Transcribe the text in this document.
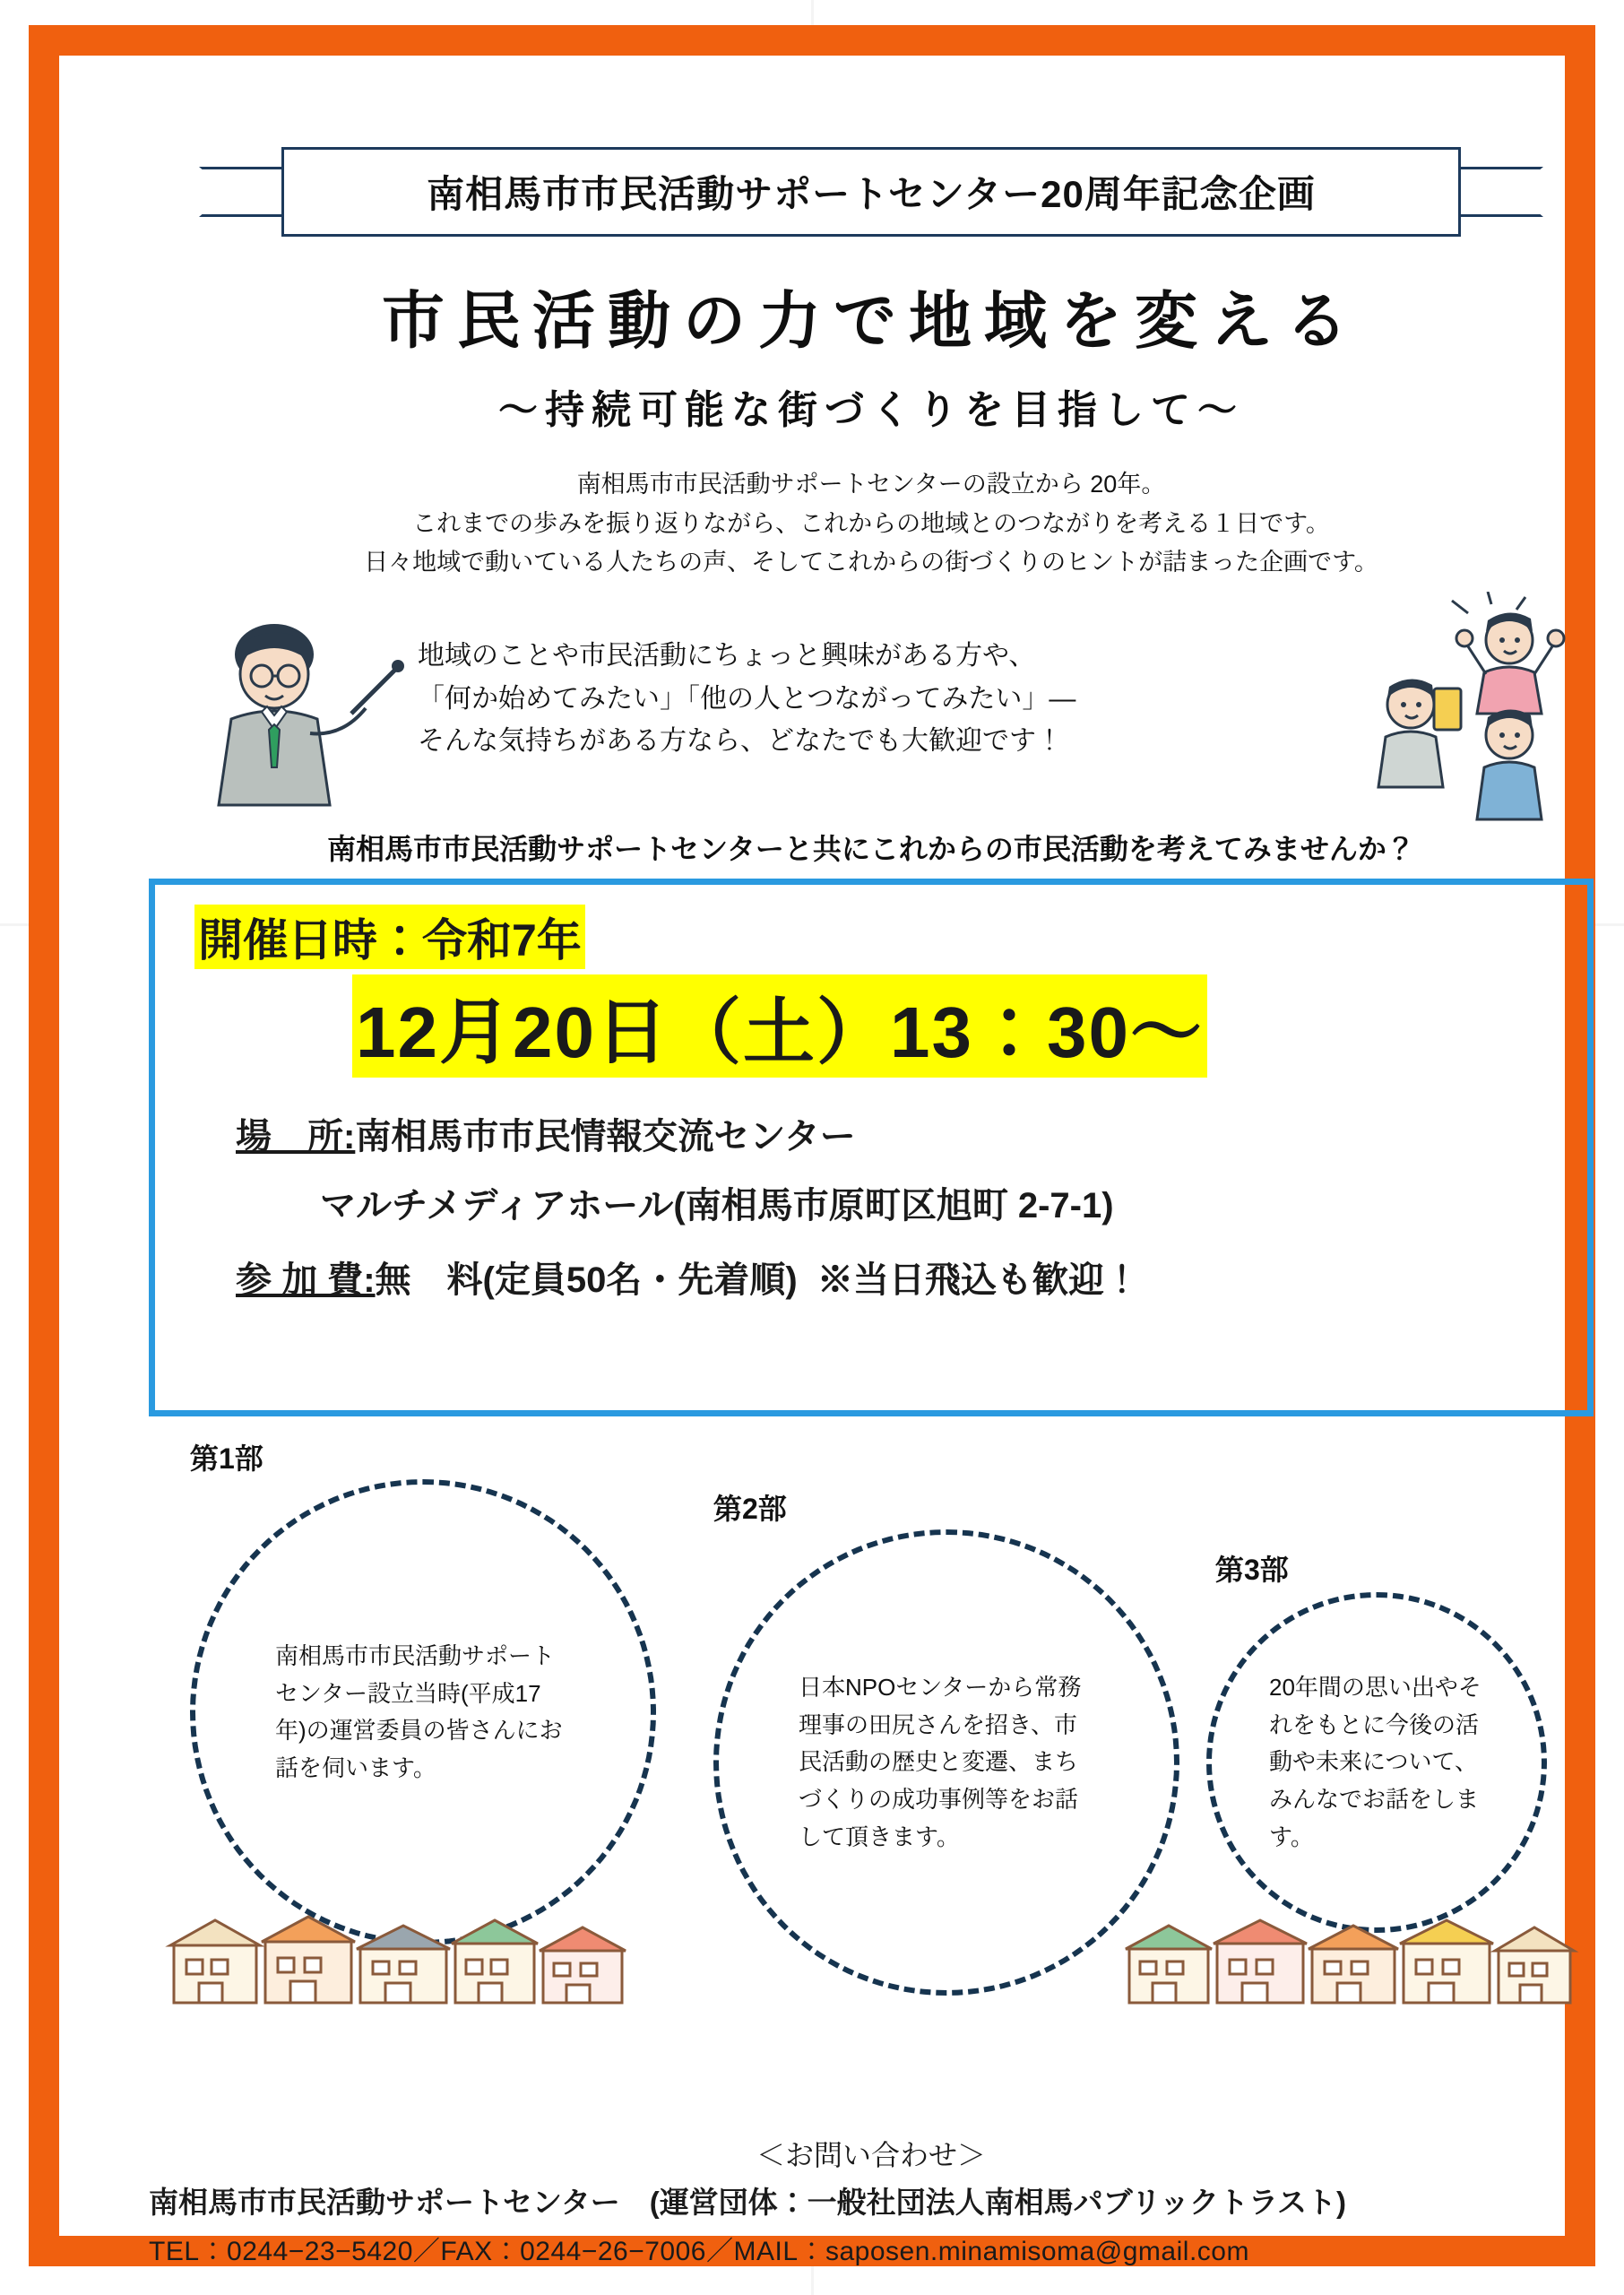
南相馬市市民活動サポートセンター20周年記念企画
市民活動の力で地域を変える
〜持続可能な街づくりを目指して〜
南相馬市市民活動サポートセンターの設立から 20年。
これまでの歩みを振り返りながら、これからの地域とのつながりを考える１日です。
日々地域で動いている人たちの声、そしてこれからの街づくりのヒントが詰まった企画です。
地域のことや市民活動にちょっと興味がある方や、
「何か始めてみたい」「他の人とつながってみたい」―
そんな気持ちがある方なら、どなたでも大歓迎です！
南相馬市市民活動サポートセンターと共にこれからの市民活動を考えてみませんか？
開催日時：令和7年
12月20日（土）13：30〜
場　所:南相馬市市民情報交流センター
マルチメディアホール(南相馬市原町区旭町 2-7-1)
参 加 費:無　料(定員50名・先着順) ※当日飛込も歓迎！
第1部
南相馬市市民活動サポートセンター設立当時(平成17年)の運営委員の皆さんにお話を伺います。
第2部
日本NPOセンターから常務理事の田尻さんを招き、市民活動の歴史と変遷、まちづくりの成功事例等をお話して頂きます。
第3部
20年間の思い出やそれをもとに今後の活動や未来について、みんなでお話をします。
＜お問い合わせ＞
南相馬市市民活動サポートセンター　(運営団体：一般社団法人南相馬パブリックトラスト)
TEL：0244−23−5420／FAX：0244−26−7006／MAIL：saposen.minamisoma@gmail.com
